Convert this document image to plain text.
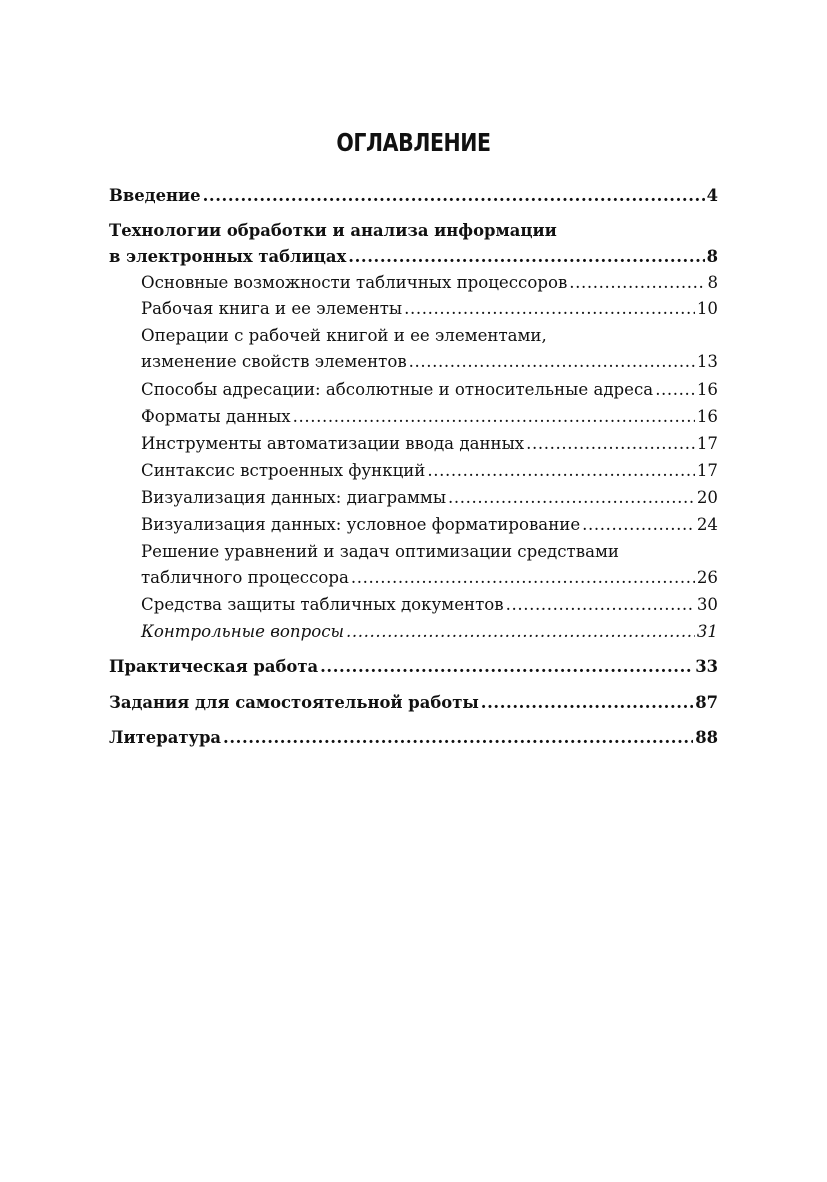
ОГЛАВЛЕНИЕ
Введение .....	4
Технологии обработки и анализа информации
в электронных таблицах .....	8
Основные возможности табличных процессоров .....	8
Рабочая книга и ее элементы .....	10
Операции с рабочей книгой и ее элементами,
изменение свойств элементов .....	13
Способы адресации: абсолютные и относительные адреса .....	16
Форматы данных .....	16
Инструменты автоматизации ввода данных .....	17
Синтаксис встроенных функций .....	17
Визуализация данных: диаграммы .....	20
Визуализация данных: условное форматирование .....	24
Решение уравнений и задач оптимизации средствами
табличного процессора .....	26
Средства защиты табличных документов .....	30
Контрольные вопросы .....	31
Практическая работа .....	33
Задания для самостоятельной работы .....	87
Литература .....	88
